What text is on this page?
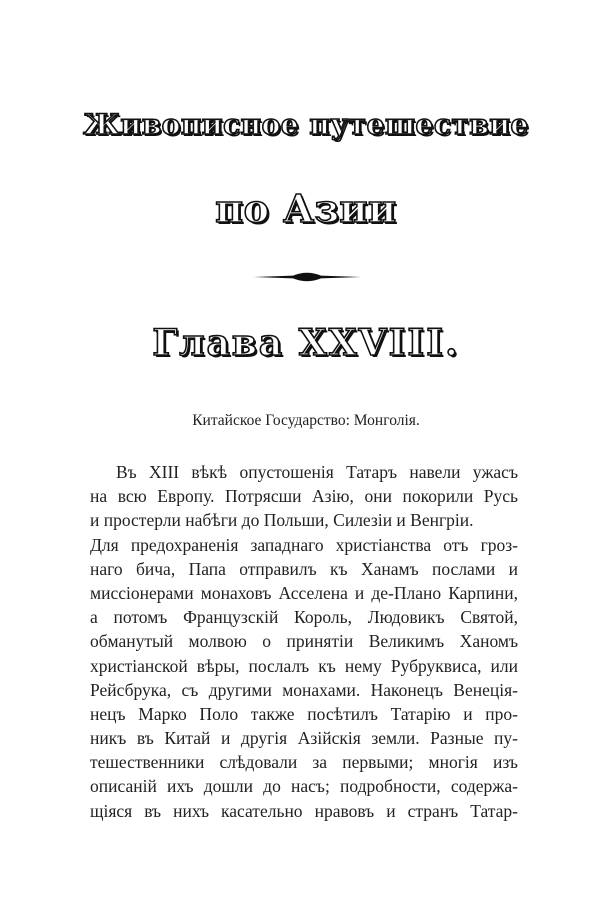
Живописное путешествие
по Азии
Глава XXVIII.
Китайское Государство: Монголія.
Въ XIII вѣкѣ опустошенія Татаръ навели ужасъ
на всю Европу. Потрясши Азію, они покорили Русь
и простерли набѣги до Польши, Силезіи и Венгріи.
Для предохраненія западнаго христіанства отъ гроз-
наго бича, Папа отправилъ къ Ханамъ послами и
миссіонерами монаховъ Асселена и де-Плано Карпини,
а потомъ Французскій Король, Людовикъ Святой,
обманутый молвою о принятіи Великимъ Ханомъ
христіанской вѣры, послалъ къ нему Рубруквиса, или
Рейсбрука, съ другими монахами. Наконецъ Венеція-
нецъ Марко Поло также посѣтилъ Татарію и про-
никъ въ Китай и другія Азійскія земли. Разные пу-
тешественники слѣдовали за первыми; многія изъ
описаній ихъ дошли до насъ; подробности, содержа-
щіяся въ нихъ касательно нравовъ и странъ Татар-
